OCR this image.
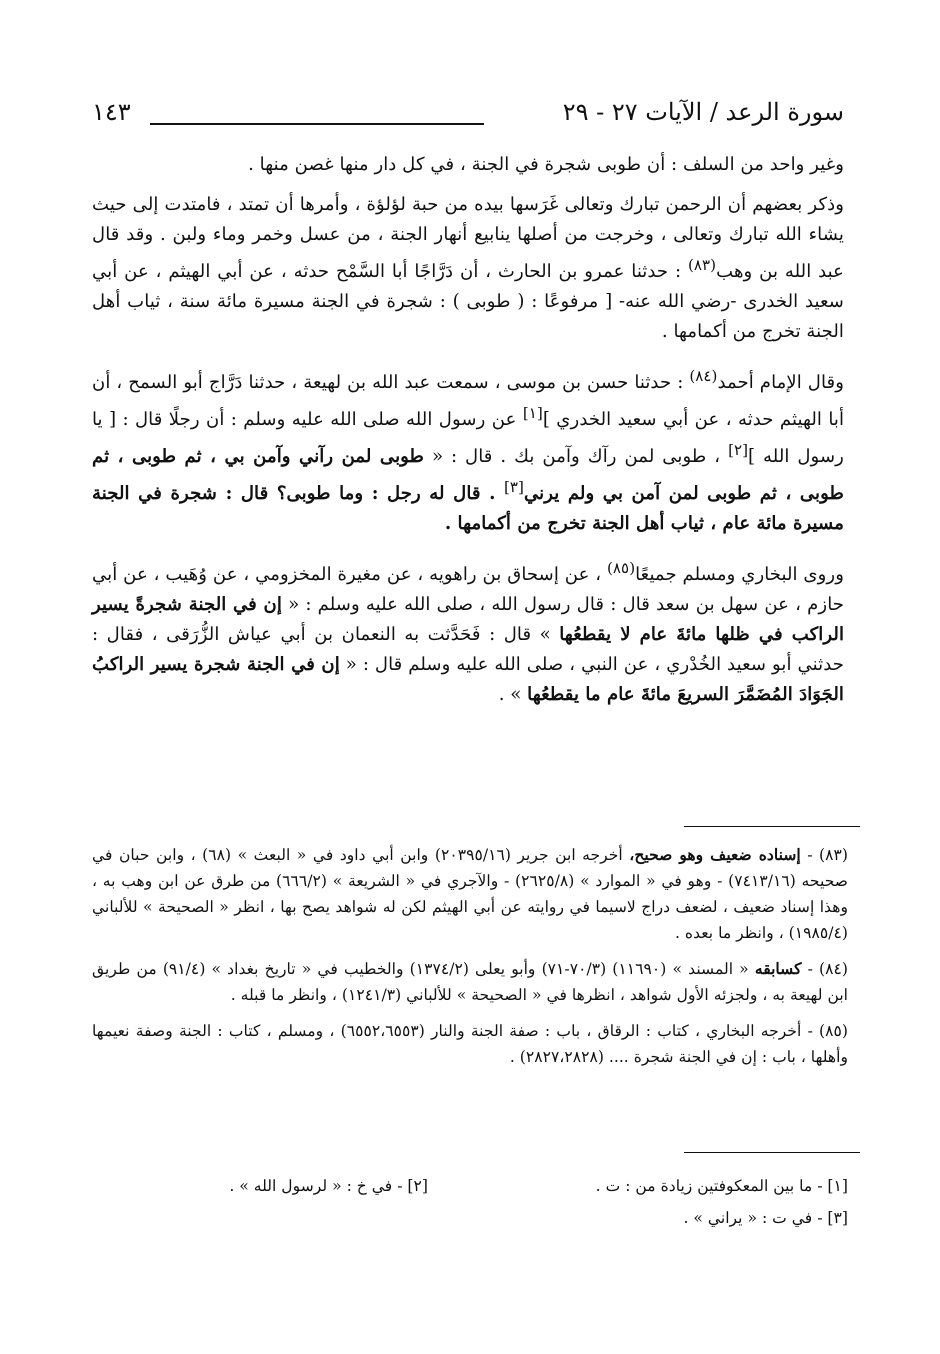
سورة الرعد / الآيات ٢٧ - ٢٩
١٤٣

وغير واحد من السلف : أن طوبى شجرة في الجنة ، في كل دار منها غصن منها .

وذكر بعضهم أن الرحمن تبارك وتعالى غَرَسها بيده من حبة لؤلؤة ، وأمرها أن تمتد ، فامتدت إلى حيث يشاء الله تبارك وتعالى ، وخرجت من أصلها ينابيع أنهار الجنة ، من عسل وخمر وماء ولبن . وقد قال عبد الله بن وهب$^{(٨٣)}$ : حدثنا عمرو بن الحارث ، أن دَرَّاجًا أبا السَّمْح حدثه ، عن أبي الهيثم ، عن أبي سعيد الخدرى -رضي الله عنه- [ مرفوعًا : ( طوبى ) : شجرة في الجنة مسيرة مائة سنة ، ثياب أهل الجنة تخرج من أكمامها .

وقال الإمام أحمد$^{(٨٤)}$ : حدثنا حسن بن موسى ، سمعت عبد الله بن لهيعة ، حدثنا دَرَّاج أبو السمح ، أن أبا الهيثم حدثه ، عن أبي سعيد الخدري ][١] عن رسول الله صلى الله عليه وسلم : أن رجلًا قال : [ يا رسول الله ][٢] ، طوبى لمن رآك وآمن بك . قال : « طوبى لمن رآني وآمن بي ، ثم طوبى ، ثم طوبى ، ثم طوبى لمن آمن بي ولم يرني[٣] . قال له رجل : وما طوبى؟ قال : شجرة في الجنة مسيرة مائة عام ، ثياب أهل الجنة تخرج من أكمامها .

وروى البخاري ومسلم جميعًا$^{(٨٥)}$ ، عن إسحاق بن راهويه ، عن مغيرة المخزومي ، عن وُهَيب ، عن أبي حازم ، عن سهل بن سعد قال : قال رسول الله ، صلى الله عليه وسلم : « إن في الجنة شجرةً يسير الراكب في ظلها مائةَ عام لا يقطعُها » قال : فَحَدَّثت به النعمان بن أبي عياش الزُّرَقى ، فقال : حدثني أبو سعيد الخُدْري ، عن النبي ، صلى الله عليه وسلم قال : « إن في الجنة شجرة يسير الراكبُ الجَوَادَ المُضَمَّرَ السريعَ مائةَ عام ما يقطعُها » .

(٨٣) - إسناده ضعيف وهو صحيح، أخرجه ابن جرير (٢٠٣٩٥/١٦) وابن أبي داود في « البعث » (٦٨) ، وابن حبان في صحيحه (٧٤١٣/١٦) - وهو في « الموارد » (٢٦٢٥/٨) - والآجري في « الشريعة » (٦٦٦/٢) من طرق عن ابن وهب به ، وهذا إسناد ضعيف ، لضعف دراج لاسيما في روايته عن أبي الهيثم لكن له شواهد يصح بها ، انظر « الصحيحة » للألباني (١٩٨٥/٤) ، وانظر ما بعده .

(٨٤) - كسابقه « المسند » (١١٦٩٠) (٧٠/٣-٧١) وأبو يعلى (١٣٧٤/٢) والخطيب في « تاريخ بغداد » (٩١/٤) من طريق ابن لهيعة به ، ولجزئه الأول شواهد ، انظرها في « الصحيحة » للألباني (١٢٤١/٣) ، وانظر ما قبله .

(٨٥) - أخرجه البخاري ، كتاب : الرقاق ، باب : صفة الجنة والنار (٦٥٥٢،٦٥٥٣) ، ومسلم ، كتاب : الجنة وصفة نعيمها وأهلها ، باب : إن في الجنة شجرة .... (٢٨٢٧،٢٨٢٨) .

[١] - ما بين المعكوفتين زيادة من : ت .
[٢] - في خ : « لرسول الله » .
[٣] - في ت : « يراني » .
